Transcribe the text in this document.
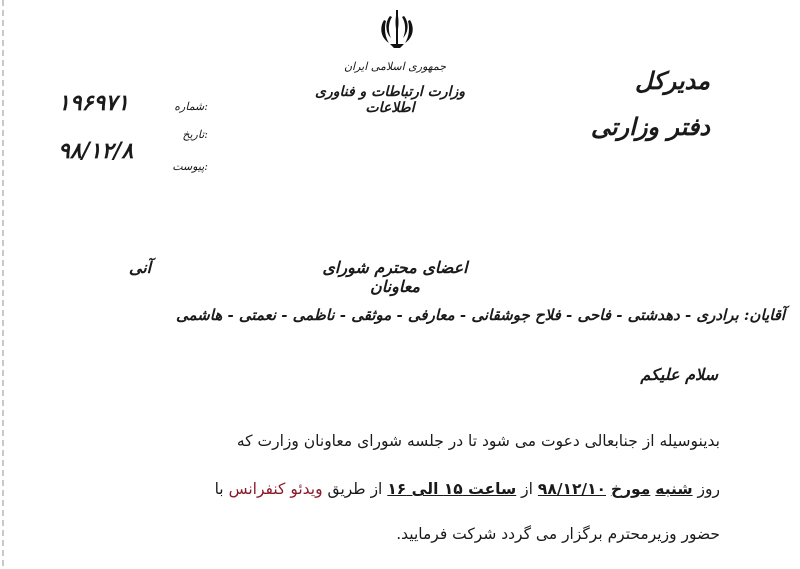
جمهوری اسلامی ایران
وزارت ارتباطات و فناوری اطلاعات
مدیرکل
دفتر وزارتی
شماره:
۱۹۶۹۷۱
تاریخ:
۹۸/۱۲/۸
پیوست:
اعضای محترم شورای معاونان
آنی
آقایان: برادری - دهدشتی - فاحی - فلاح جوشقانی - معارفی - موثقی - ناظمی - نعمتی - هاشمی
سلام علیکم
بدینوسیله از جنابعالی دعوت می شود تا در جلسه شورای معاونان وزارت که
روز شنبه مورخ ۹۸/۱۲/۱۰ از ساعت ۱۵ الی ۱۶ از طریق ویدئو کنفرانس با
حضور وزیرمحترم برگزار می گردد شرکت فرمایید.
